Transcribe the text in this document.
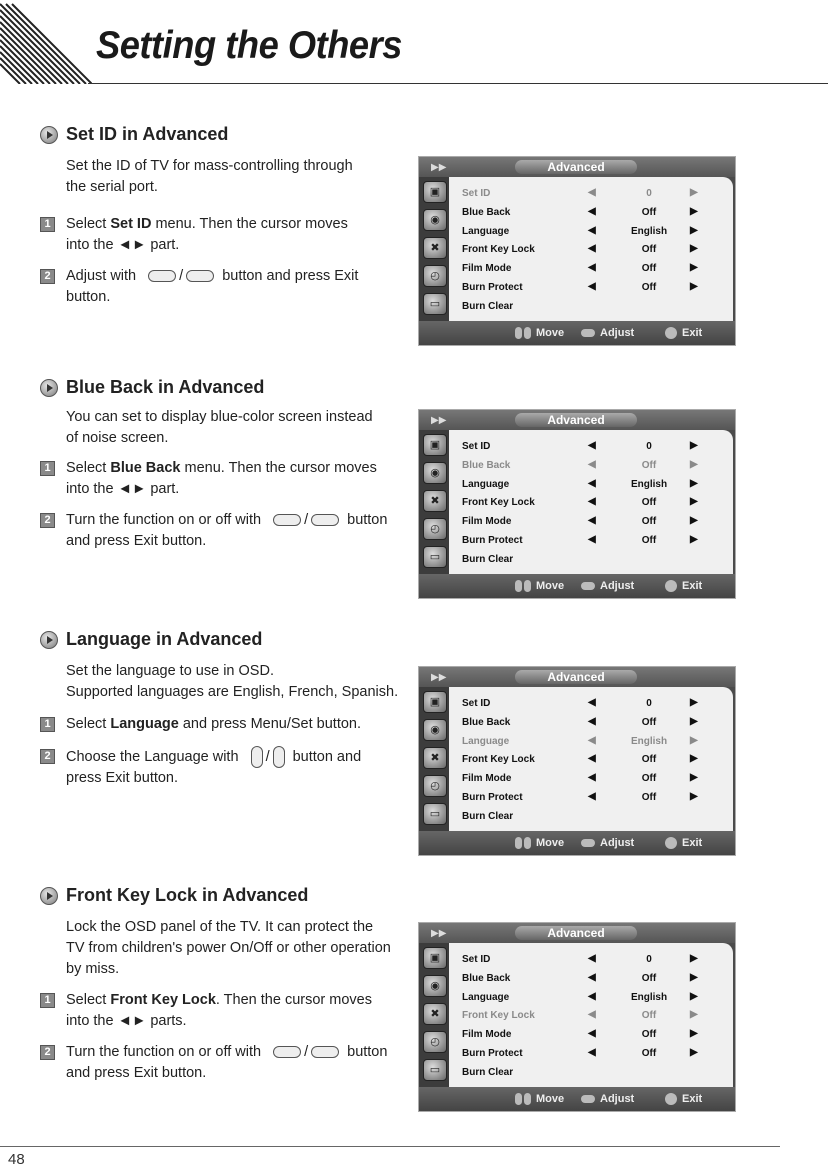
Setting the Others
Set ID in Advanced
Set the ID of TV for mass-controlling through
the serial port.
1	Select Set ID menu. Then the cursor moves
into the ◄► part.
2	Adjust with	/	button and press Exit
button.
▶▶	Advanced
▣
◉
✖
◴
▭
Set ID	◀	0	▶
Blue Back	◀	Off	▶
Language	◀	English	▶
Front Key Lock	◀	Off	▶
Film Mode	◀	Off	▶
Burn Protect	◀	Off	▶
Burn Clear
Move	Adjust	Exit
Blue Back in Advanced
You can set to display blue-color screen instead
of noise screen.
1	Select Blue Back menu. Then the cursor moves
into the ◄► part.
2	Turn the function on or off with	/	button
and press Exit button.
▶▶	Advanced
▣
◉
✖
◴
▭
Set ID	◀	0	▶
Blue Back	◀	Off	▶
Language	◀	English	▶
Front Key Lock	◀	Off	▶
Film Mode	◀	Off	▶
Burn Protect	◀	Off	▶
Burn Clear
Move	Adjust	Exit
Language in Advanced
Set the language to use in OSD.
Supported languages are English, French, Spanish.
1	Select Language and press Menu/Set button.
2	Choose the Language with / button and
press Exit button.
▶▶	Advanced
▣
◉
✖
◴
▭
Set ID	◀	0	▶
Blue Back	◀	Off	▶
Language	◀	English	▶
Front Key Lock	◀	Off	▶
Film Mode	◀	Off	▶
Burn Protect	◀	Off	▶
Burn Clear
Move	Adjust	Exit
Front Key Lock in Advanced
Lock the OSD panel of the TV. It can protect the
TV from children's power On/Off or other operation
by miss.
1	Select Front Key Lock. Then the cursor moves
into the ◄► parts.
2	Turn the function on or off with	/	button
and press Exit button.
▶▶	Advanced
▣
◉
✖
◴
▭
Set ID	◀	0	▶
Blue Back	◀	Off	▶
Language	◀	English	▶
Front Key Lock	◀	Off	▶
Film Mode	◀	Off	▶
Burn Protect	◀	Off	▶
Burn Clear
Move	Adjust	Exit
48
